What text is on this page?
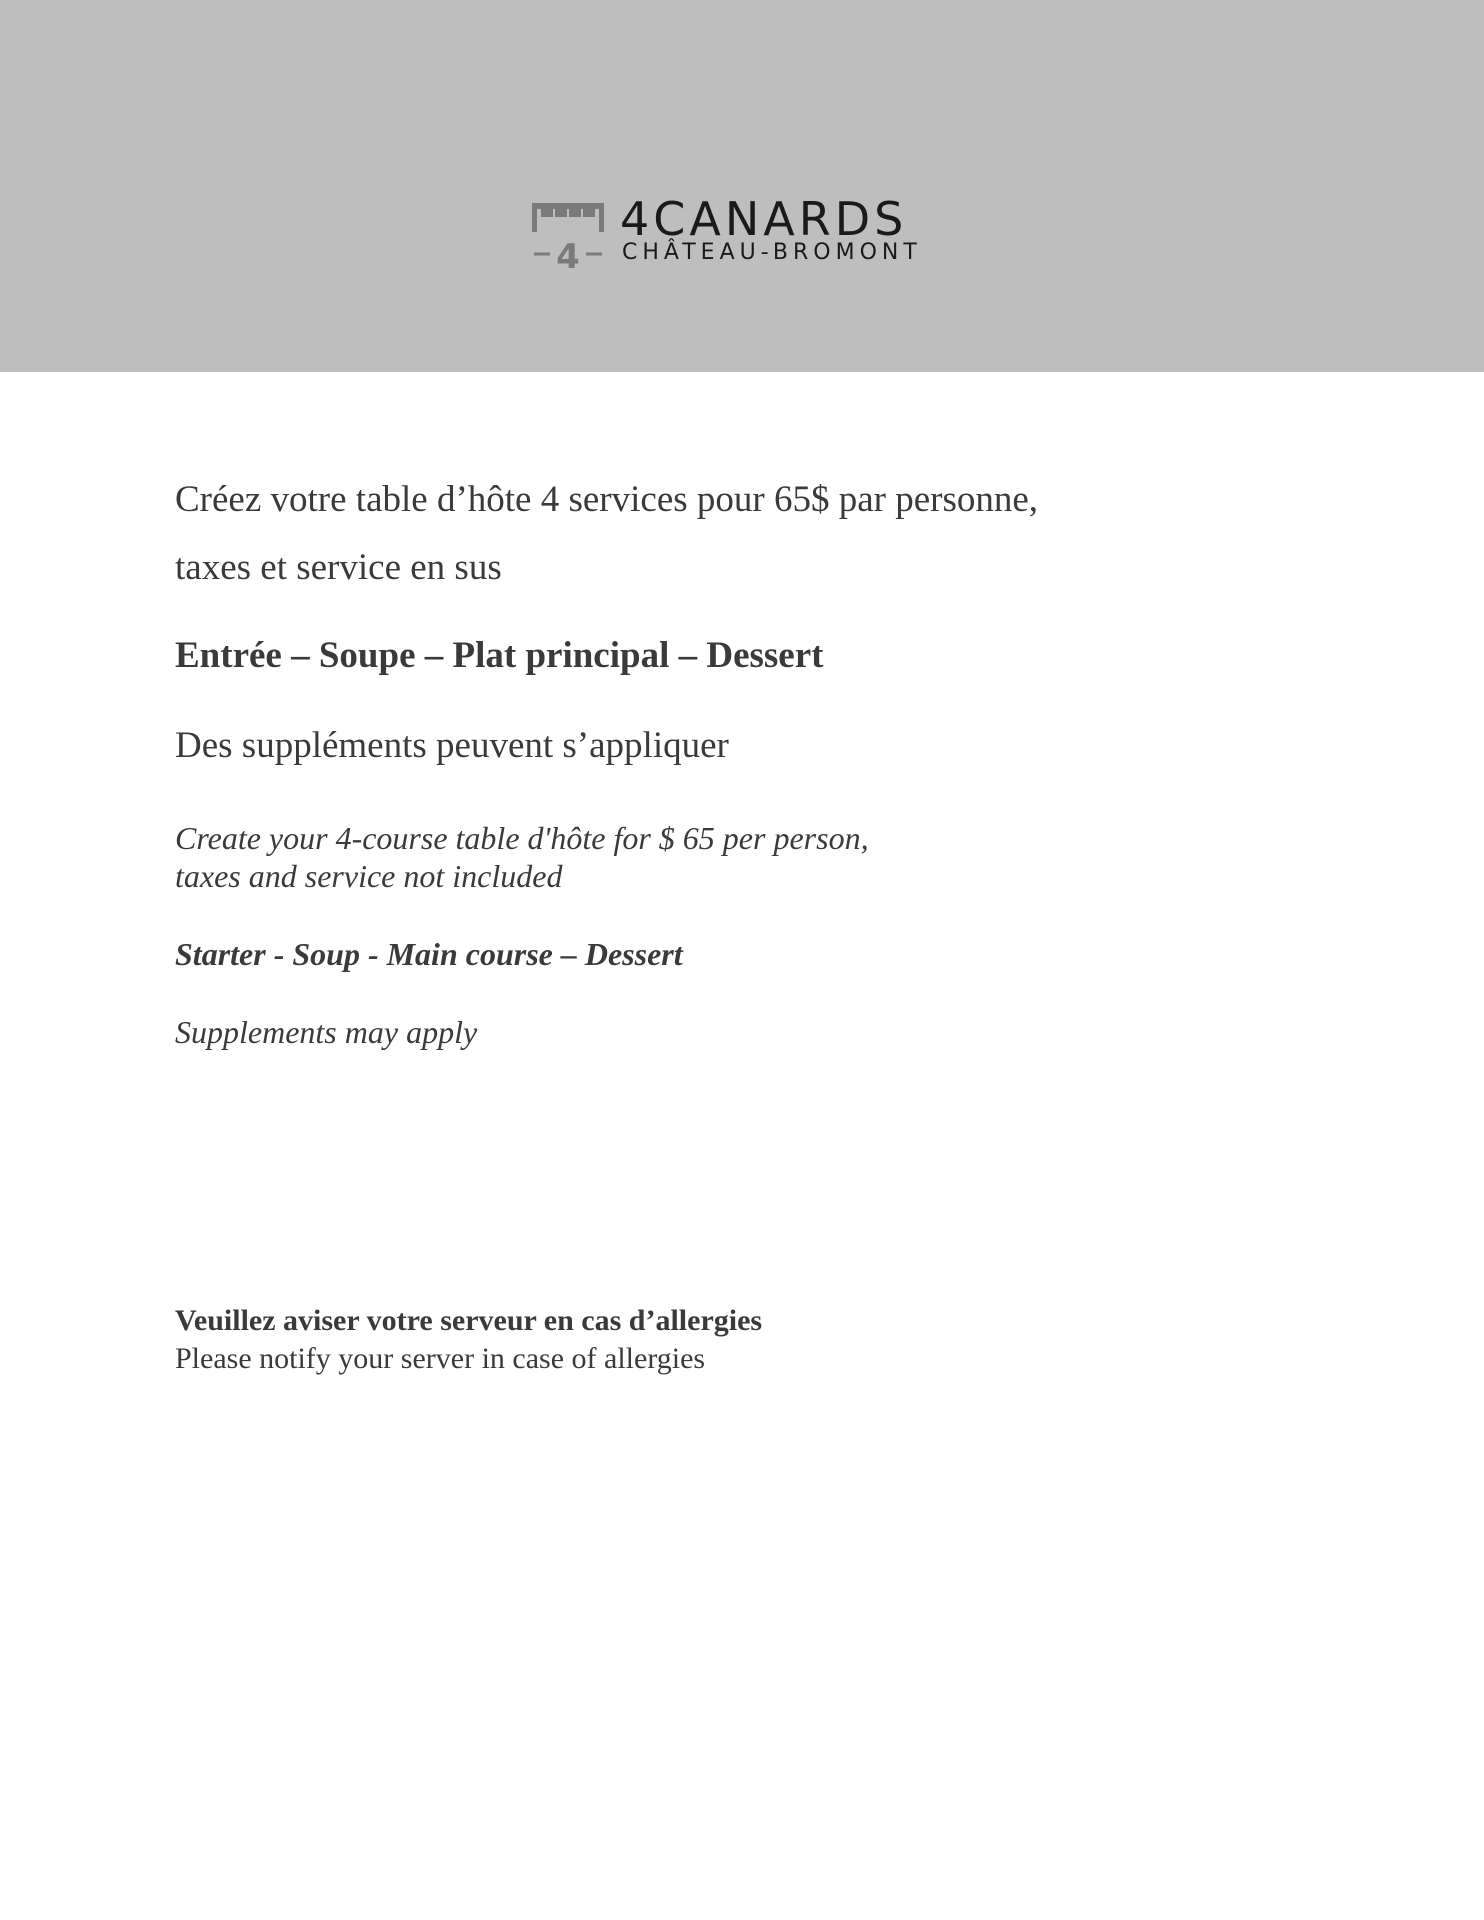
4
4CANARDS
CHÂTEAU-BROMONT
Créez votre table d’hôte 4 services pour 65$ par personne,
taxes et service en sus
Entrée – Soupe – Plat principal – Dessert
Des suppléments peuvent s’appliquer
Create your 4-course table d'hôte for $ 65 per person,
taxes and service not included
Starter - Soup - Main course – Dessert
Supplements may apply
Veuillez aviser votre serveur en cas d’allergies
Please notify your server in case of allergies
